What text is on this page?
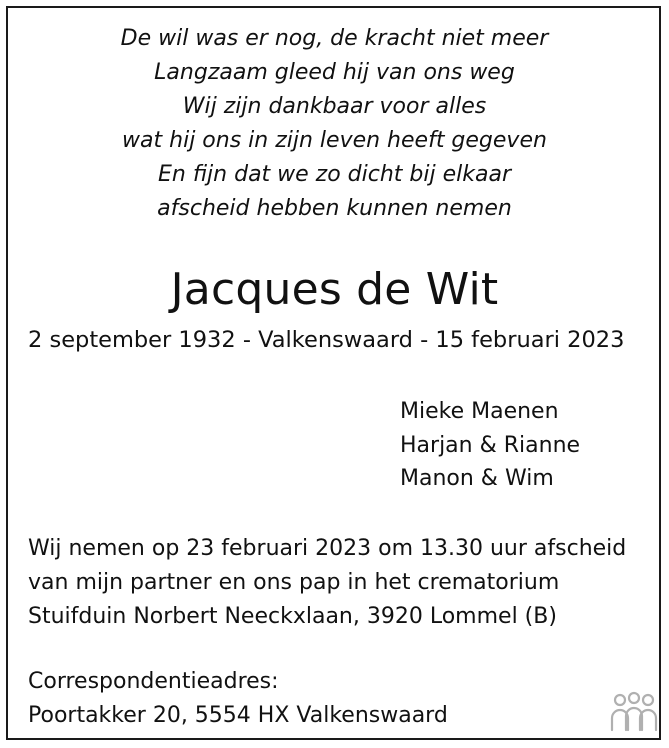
De wil was er nog, de kracht niet meer
Langzaam gleed hij van ons weg
Wij zijn dankbaar voor alles
wat hij ons in zijn leven heeft gegeven
En fijn dat we zo dicht bij elkaar
afscheid hebben kunnen nemen
Jacques de Wit
2 september 1932 - Valkenswaard - 15 februari 2023
Mieke Maenen
Harjan & Rianne
Manon & Wim
Wij nemen op 23 februari 2023 om 13.30 uur afscheid
van mijn partner en ons pap in het crematorium
Stuifduin Norbert Neeckxlaan, 3920 Lommel (B)
Correspondentieadres:
Poortakker 20, 5554 HX Valkenswaard
